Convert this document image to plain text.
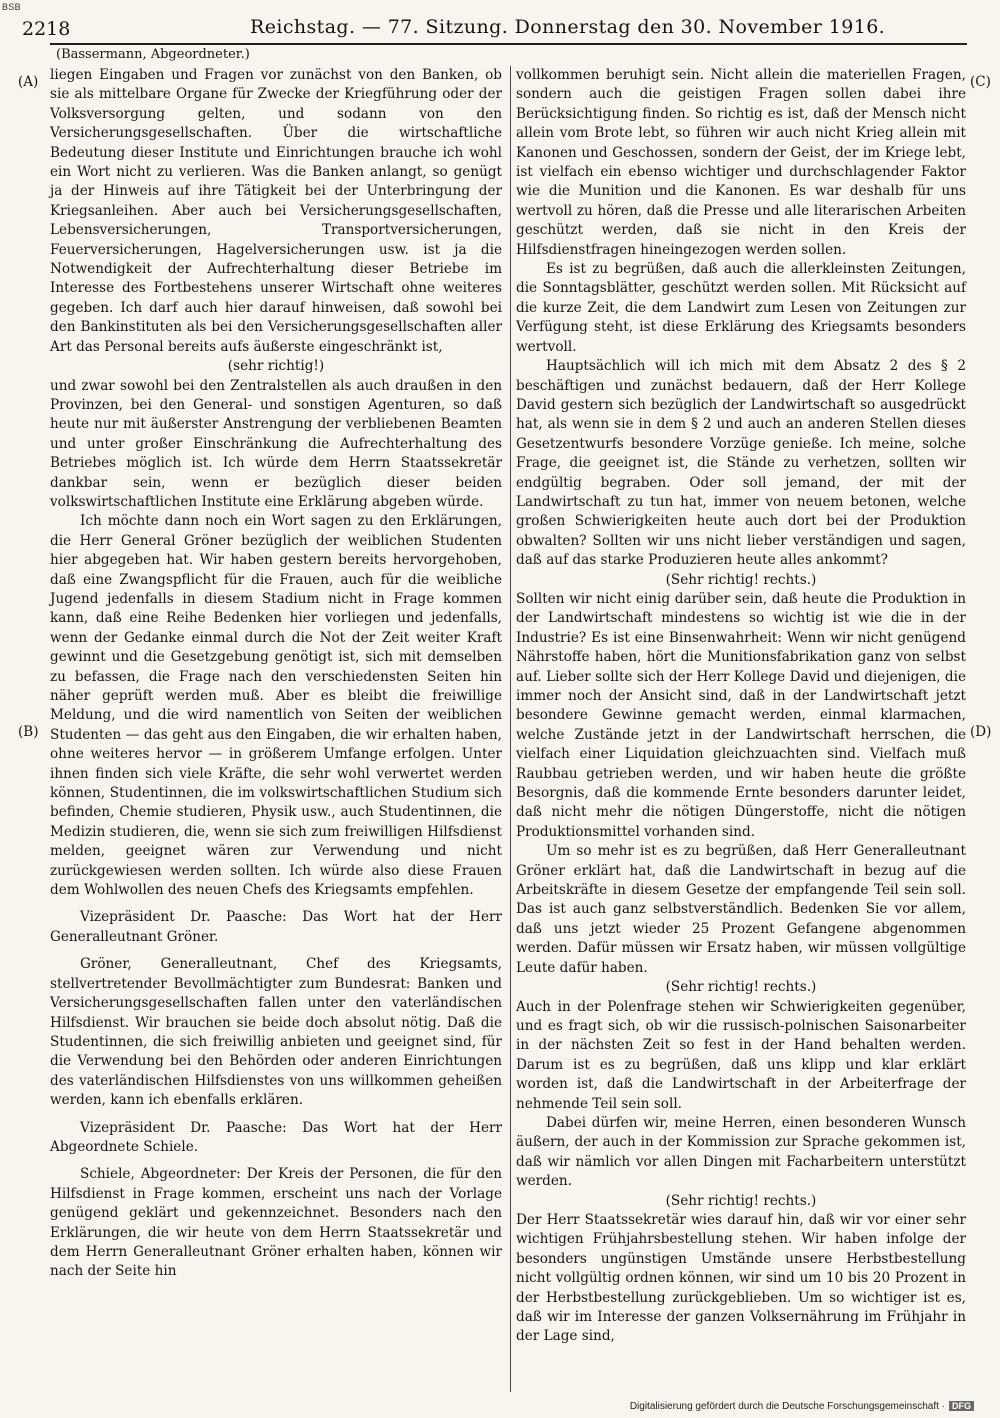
BSB
2218	Reichstag. — 77. Sitzung. Donnerstag den 30. November 1916.
(Bassermann, Abgeordneter.)
(A)
(B)
(C)
(D)

liegen Eingaben und Fragen vor zunächst von den Banken, ob sie als mittelbare Organe für Zwecke der Kriegführung oder der Volksversorgung gelten, und sodann von den Versicherungsgesellschaften. Über die wirtschaftliche Bedeutung dieser Institute und Einrichtungen brauche ich wohl ein Wort nicht zu verlieren. Was die Banken anlangt, so genügt ja der Hinweis auf ihre Tätigkeit bei der Unterbringung der Kriegsanleihen. Aber auch bei Versicherungsgesellschaften, Lebensversicherungen, Transportversicherungen, Feuerversicherungen, Hagelversicherungen usw. ist ja die Notwendigkeit der Aufrechterhaltung dieser Betriebe im Interesse des Fortbestehens unserer Wirtschaft ohne weiteres gegeben. Ich darf auch hier darauf hinweisen, daß sowohl bei den Bankinstituten als bei den Versicherungsgesellschaften aller Art das Personal bereits aufs äußerste eingeschränkt ist,

(sehr richtig!)

und zwar sowohl bei den Zentralstellen als auch draußen in den Provinzen, bei den General- und sonstigen Agenturen, so daß heute nur mit äußerster Anstrengung der verbliebenen Beamten und unter großer Einschränkung die Aufrechterhaltung des Betriebes möglich ist. Ich würde dem Herrn Staatssekretär dankbar sein, wenn er bezüglich dieser beiden volkswirtschaftlichen Institute eine Erklärung abgeben würde.

Ich möchte dann noch ein Wort sagen zu den Erklärungen, die Herr General Gröner bezüglich der weiblichen Studenten hier abgegeben hat. Wir haben gestern bereits hervorgehoben, daß eine Zwangspflicht für die Frauen, auch für die weibliche Jugend jedenfalls in diesem Stadium nicht in Frage kommen kann, daß eine Reihe Bedenken hier vorliegen und jedenfalls, wenn der Gedanke einmal durch die Not der Zeit weiter Kraft gewinnt und die Gesetzgebung genötigt ist, sich mit demselben zu befassen, die Frage nach den verschiedensten Seiten hin näher geprüft werden muß. Aber es bleibt die freiwillige Meldung, und die wird namentlich von Seiten der weiblichen Studenten — das geht aus den Eingaben, die wir erhalten haben, ohne weiteres hervor — in größerem Umfange erfolgen. Unter ihnen finden sich viele Kräfte, die sehr wohl verwertet werden können, Studentinnen, die im volkswirtschaftlichen Studium sich befinden, Chemie studieren, Physik usw., auch Studentinnen, die Medizin studieren, die, wenn sie sich zum freiwilligen Hilfsdienst melden, geeignet wären zur Verwendung und nicht zurückgewiesen werden sollten. Ich würde also diese Frauen dem Wohlwollen des neuen Chefs des Kriegsamts empfehlen.

Vizepräsident Dr. Paasche: Das Wort hat der Herr Generalleutnant Gröner.

Gröner, Generalleutnant, Chef des Kriegsamts, stellvertretender Bevollmächtigter zum Bundesrat: Banken und Versicherungsgesellschaften fallen unter den vaterländischen Hilfsdienst. Wir brauchen sie beide doch absolut nötig. Daß die Studentinnen, die sich freiwillig anbieten und geeignet sind, für die Verwendung bei den Behörden oder anderen Einrichtungen des vaterländischen Hilfsdienstes von uns willkommen geheißen werden, kann ich ebenfalls erklären.

Vizepräsident Dr. Paasche: Das Wort hat der Herr Abgeordnete Schiele.

Schiele, Abgeordneter: Der Kreis der Personen, die für den Hilfsdienst in Frage kommen, erscheint uns nach der Vorlage genügend geklärt und gekennzeichnet. Besonders nach den Erklärungen, die wir heute von dem Herrn Staatssekretär und dem Herrn Generalleutnant Gröner erhalten haben, können wir nach der Seite hin

vollkommen beruhigt sein. Nicht allein die materiellen Fragen, sondern auch die geistigen Fragen sollen dabei ihre Berücksichtigung finden. So richtig es ist, daß der Mensch nicht allein vom Brote lebt, so führen wir auch nicht Krieg allein mit Kanonen und Geschossen, sondern der Geist, der im Kriege lebt, ist vielfach ein ebenso wichtiger und durchschlagender Faktor wie die Munition und die Kanonen. Es war deshalb für uns wertvoll zu hören, daß die Presse und alle literarischen Arbeiten geschützt werden, daß sie nicht in den Kreis der Hilfsdienstfragen hineingezogen werden sollen.

Es ist zu begrüßen, daß auch die allerkleinsten Zeitungen, die Sonntagsblätter, geschützt werden sollen. Mit Rücksicht auf die kurze Zeit, die dem Landwirt zum Lesen von Zeitungen zur Verfügung steht, ist diese Erklärung des Kriegsamts besonders wertvoll.

Hauptsächlich will ich mich mit dem Absatz 2 des § 2 beschäftigen und zunächst bedauern, daß der Herr Kollege David gestern sich bezüglich der Landwirtschaft so ausgedrückt hat, als wenn sie in dem § 2 und auch an anderen Stellen dieses Gesetzentwurfs besondere Vorzüge genieße. Ich meine, solche Frage, die geeignet ist, die Stände zu verhetzen, sollten wir endgültig begraben. Oder soll jemand, der mit der Landwirtschaft zu tun hat, immer von neuem betonen, welche großen Schwierigkeiten heute auch dort bei der Produktion obwalten? Sollten wir uns nicht lieber verständigen und sagen, daß auf das starke Produzieren heute alles ankommt?

(Sehr richtig! rechts.)

Sollten wir nicht einig darüber sein, daß heute die Produktion in der Landwirtschaft mindestens so wichtig ist wie die in der Industrie? Es ist eine Binsenwahrheit: Wenn wir nicht genügend Nährstoffe haben, hört die Munitionsfabrikation ganz von selbst auf. Lieber sollte sich der Herr Kollege David und diejenigen, die immer noch der Ansicht sind, daß in der Landwirtschaft jetzt besondere Gewinne gemacht werden, einmal klarmachen, welche Zustände jetzt in der Landwirtschaft herrschen, die vielfach einer Liquidation gleichzuachten sind. Vielfach muß Raubbau getrieben werden, und wir haben heute die größte Besorgnis, daß die kommende Ernte besonders darunter leidet, daß nicht mehr die nötigen Düngerstoffe, nicht die nötigen Produktionsmittel vorhanden sind.

Um so mehr ist es zu begrüßen, daß Herr Generalleutnant Gröner erklärt hat, daß die Landwirtschaft in bezug auf die Arbeitskräfte in diesem Gesetze der empfangende Teil sein soll. Das ist auch ganz selbstverständlich. Bedenken Sie vor allem, daß uns jetzt wieder 25 Prozent Gefangene abgenommen werden. Dafür müssen wir Ersatz haben, wir müssen vollgültige Leute dafür haben.

(Sehr richtig! rechts.)

Auch in der Polenfrage stehen wir Schwierigkeiten gegenüber, und es fragt sich, ob wir die russisch-polnischen Saisonarbeiter in der nächsten Zeit so fest in der Hand behalten werden. Darum ist es zu begrüßen, daß uns klipp und klar erklärt worden ist, daß die Landwirtschaft in der Arbeiterfrage der nehmende Teil sein soll.

Dabei dürfen wir, meine Herren, einen besonderen Wunsch äußern, der auch in der Kommission zur Sprache gekommen ist, daß wir nämlich vor allen Dingen mit Facharbeitern unterstützt werden.

(Sehr richtig! rechts.)

Der Herr Staatssekretär wies darauf hin, daß wir vor einer sehr wichtigen Frühjahrsbestellung stehen. Wir haben infolge der besonders ungünstigen Umstände unsere Herbstbestellung nicht vollgültig ordnen können, wir sind um 10 bis 20 Prozent in der Herbstbestellung zurückgeblieben. Um so wichtiger ist es, daß wir im Interesse der ganzen Volksernährung im Frühjahr in der Lage sind,

Digitalisierung gefördert durch die Deutsche Forschungsgemeinschaft · DFG
